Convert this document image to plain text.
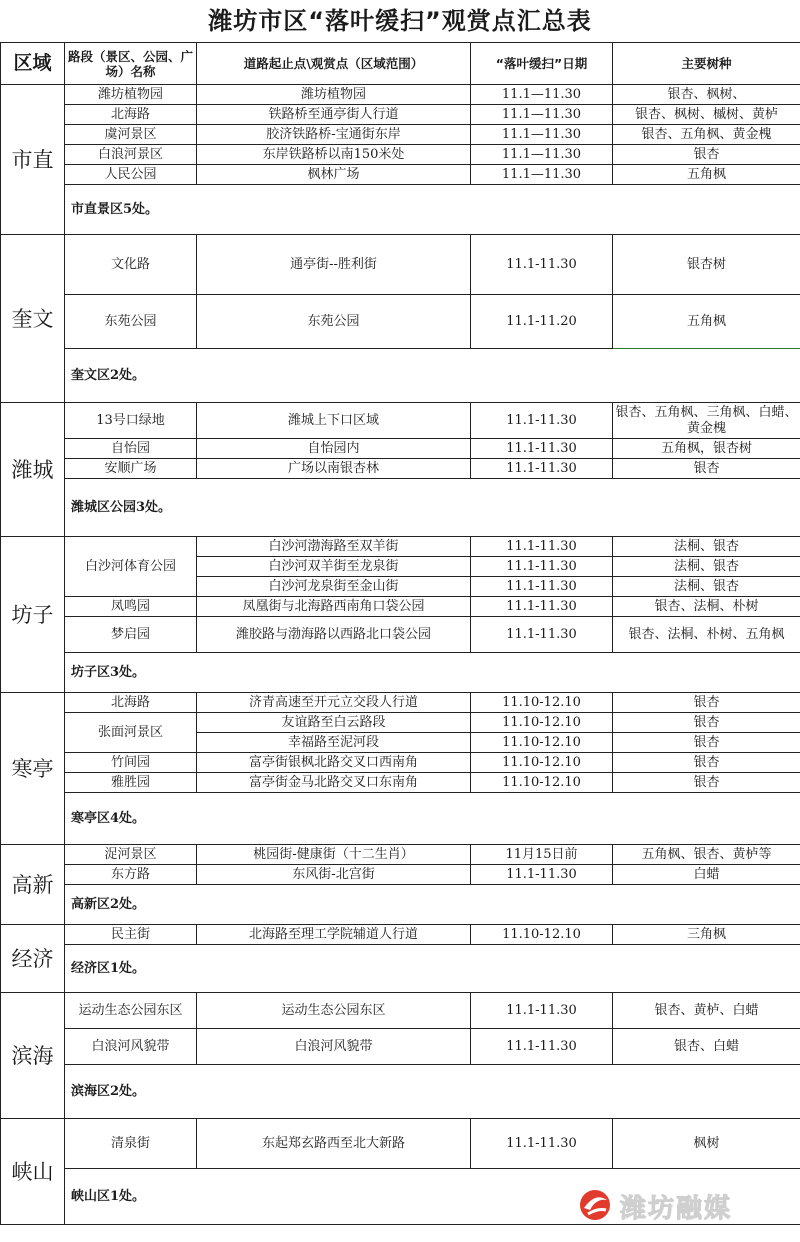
潍坊市区“落叶缓扫”观赏点汇总表
区域	路段（景区、公园、广场）名称	道路起止点\观赏点（区域范围）	“落叶缓扫”日期	主要树种
市直	潍坊植物园	潍坊植物园	11.1—11.30	银杏、枫树、
	北海路	铁路桥至通亭街人行道	11.1—11.30	银杏、枫树、槭树、黄栌
	虞河景区	胶济铁路桥-宝通街东岸	11.1—11.30	银杏、五角枫、黄金槐
	白浪河景区	东岸铁路桥以南150米处	11.1—11.30	银杏
	人民公园	枫林广场	11.1—11.30	五角枫
	市直景区5处。			
奎文	文化路	通亭街--胜利街	11.1-11.30	银杏树
	东苑公园	东苑公园	11.1-11.20	五角枫
	奎文区2处。			
潍城	13号口绿地	潍城上下口区域	11.1-11.30	银杏、五角枫、三角枫、白蜡、黄金槐
	自怡园	自怡园内	11.1-11.30	五角枫，银杏树
	安顺广场	广场以南银杏林	11.1-11.30	银杏
	潍城区公园3处。			
坊子	白沙河体育公园	白沙河渤海路至双羊街	11.1-11.30	法桐、银杏
		白沙河双羊街至龙泉街	11.1-11.30	法桐、银杏
		白沙河龙泉街至金山街	11.1-11.30	法桐、银杏
	凤鸣园	凤凰街与北海路西南角口袋公园	11.1-11.30	银杏、法桐、朴树
	梦启园	潍胶路与渤海路以西路北口袋公园	11.1-11.30	银杏、法桐、朴树、五角枫
	坊子区3处。			
寒亭	北海路	济青高速至开元立交段人行道	11.10-12.10	银杏
	张面河景区	友谊路至白云路段	11.10-12.10	银杏
		幸福路至泥河段	11.10-12.10	银杏
	竹间园	富亭街银枫北路交叉口西南角	11.10-12.10	银杏
	雅胜园	富亭街金马北路交叉口东南角	11.10-12.10	银杏
	寒亭区4处。			
高新	浞河景区	桃园街-健康街（十二生肖）	11月15日前	五角枫、银杏、黄栌等
	东方路	东风街-北宫街	11.1-11.30	白蜡
	高新区2处。			
经济	民主街	北海路至理工学院辅道人行道	11.10-12.10	三角枫
	经济区1处。			
滨海	运动生态公园东区	运动生态公园东区	11.1-11.30	银杏、黄栌、白蜡
	白浪河风貌带	白浪河风貌带	11.1-11.30	银杏、白蜡
	滨海区2处。			
峡山	清泉街	东起郑玄路西至北大新路	11.1-11.30	枫树
	峡山区1处。				潍坊融媒
